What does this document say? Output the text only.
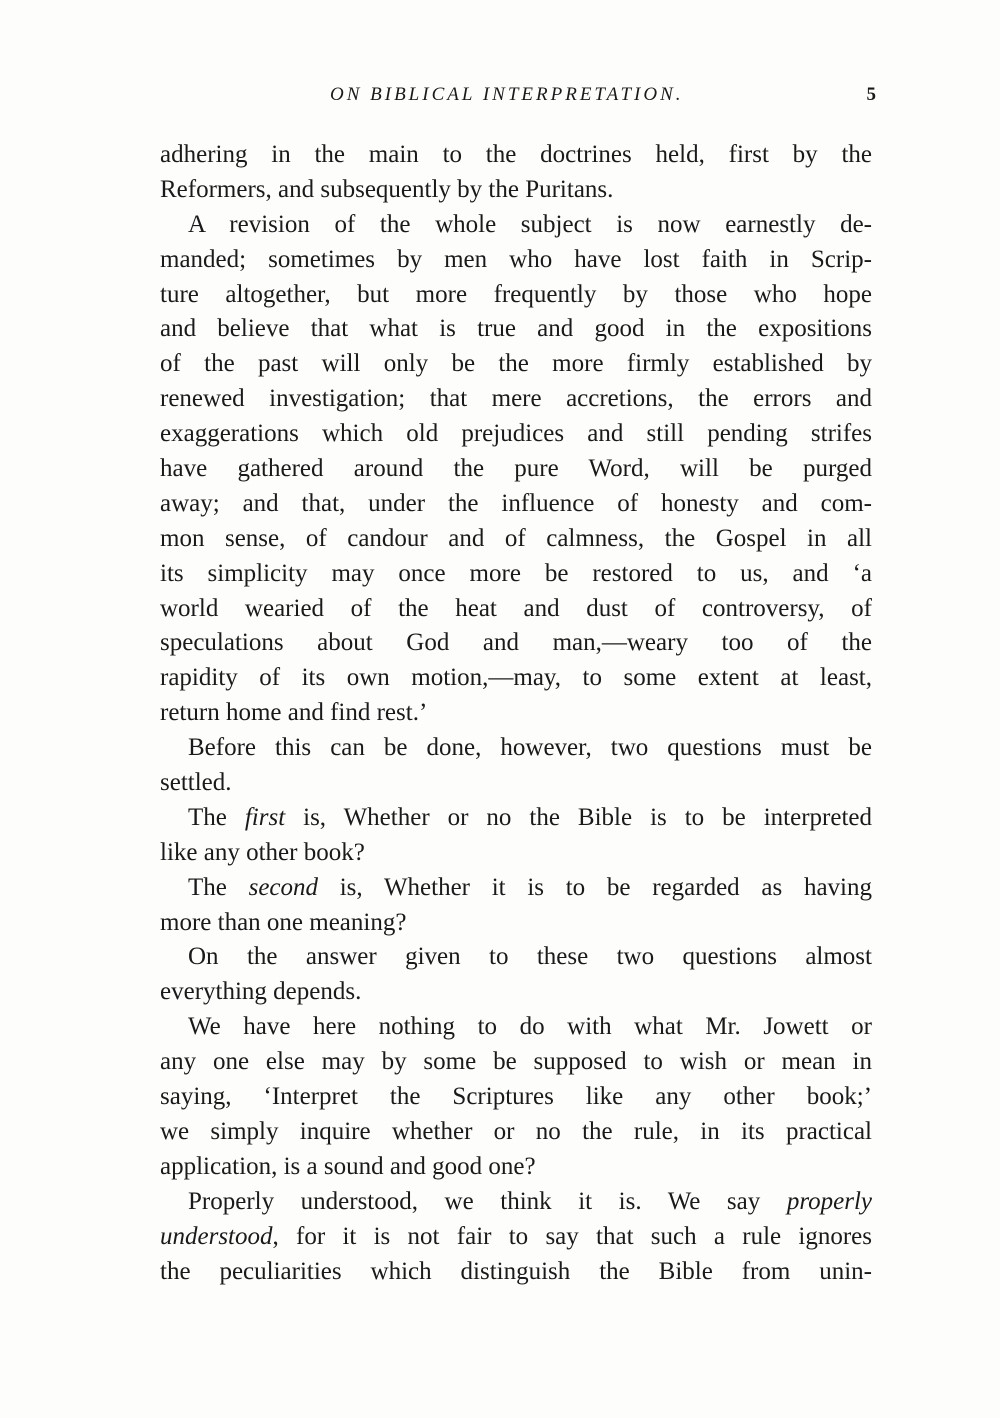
ON BIBLICAL INTERPRETATION.	5
adhering in the main to the doctrines held, first by the
Reformers, and subsequently by the Puritans.
A revision of the whole subject is now earnestly de-
manded; sometimes by men who have lost faith in Scrip-
ture altogether, but more frequently by those who hope
and believe that what is true and good in the expositions
of the past will only be the more firmly established by
renewed investigation; that mere accretions, the errors and
exaggerations which old prejudices and still pending strifes
have gathered around the pure Word, will be purged
away; and that, under the influence of honesty and com-
mon sense, of candour and of calmness, the Gospel in all
its simplicity may once more be restored to us, and ‘a
world wearied of the heat and dust of controversy, of
speculations about God and man,—weary too of the
rapidity of its own motion,—may, to some extent at least,
return home and find rest.’
Before this can be done, however, two questions must be
settled.
The first is, Whether or no the Bible is to be interpreted
like any other book?
The second is, Whether it is to be regarded as having
more than one meaning?
On the answer given to these two questions almost
everything depends.
We have here nothing to do with what Mr. Jowett or
any one else may by some be supposed to wish or mean in
saying, ‘Interpret the Scriptures like any other book;’
we simply inquire whether or no the rule, in its practical
application, is a sound and good one?
Properly understood, we think it is. We say properly
understood, for it is not fair to say that such a rule ignores
the peculiarities which distinguish the Bible from unin-
